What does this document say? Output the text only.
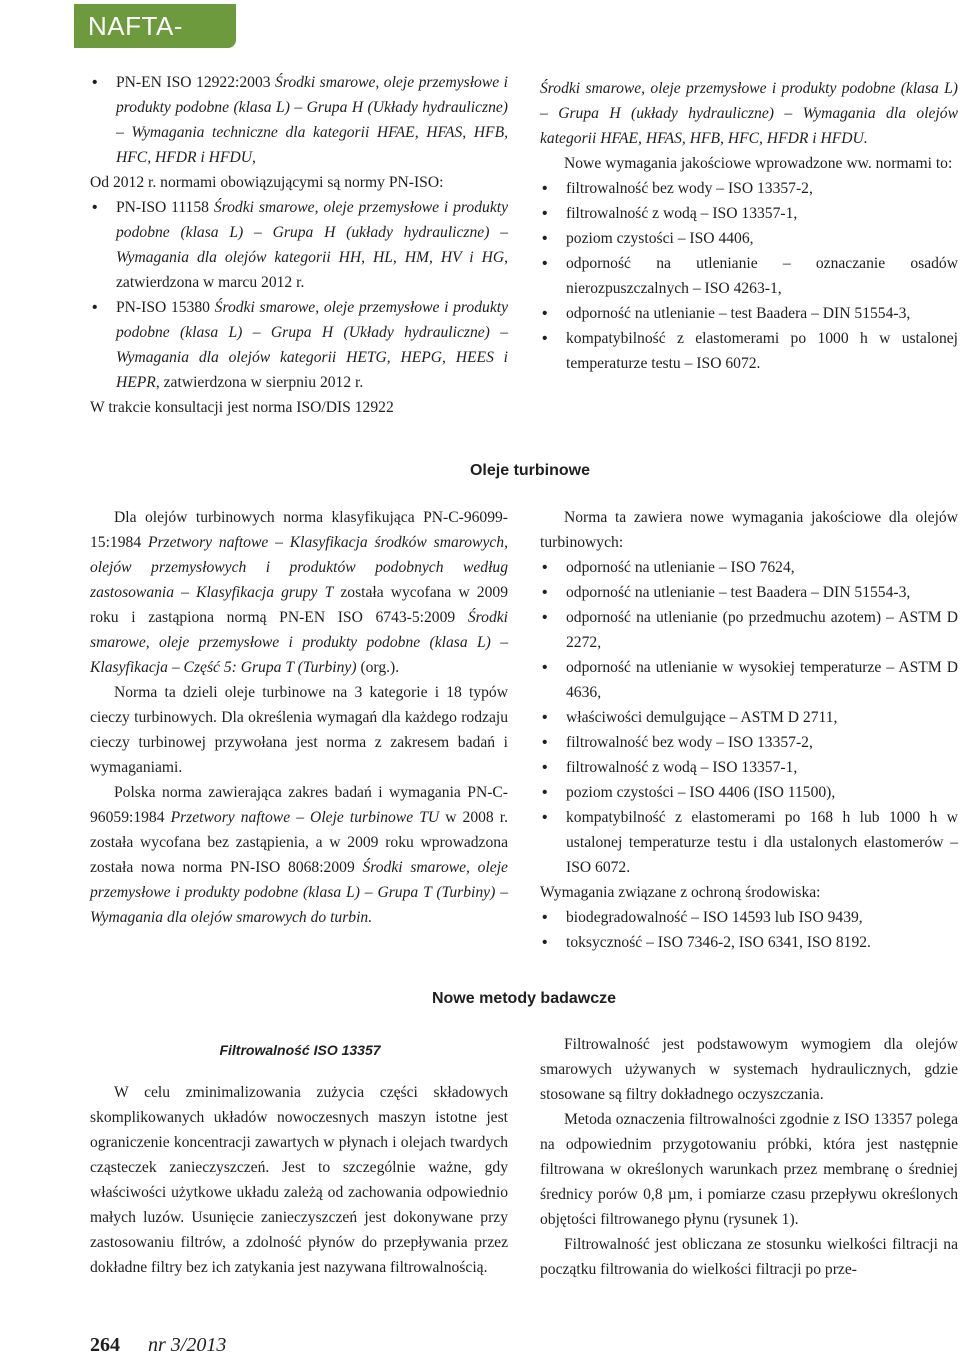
NAFTA-GAZ
• PN-EN ISO 12922:2003 Środki smarowe, oleje przemysłowe i produkty podobne (klasa L) – Grupa H (Układy hydrauliczne) – Wymagania techniczne dla kategorii HFAE, HFAS, HFB, HFC, HFDR i HFDU,

Od 2012 r. normami obowiązującymi są normy PN-ISO:

• PN-ISO 11158 Środki smarowe, oleje przemysłowe i produkty podobne (klasa L) – Grupa H (układy hydrauliczne) – Wymagania dla olejów kategorii HH, HL, HM, HV i HG, zatwierdzona w marcu 2012 r.
• PN-ISO 15380 Środki smarowe, oleje przemysłowe i produkty podobne (klasa L) – Grupa H (Układy hydrauliczne) – Wymagania dla olejów kategorii HETG, HEPG, HEES i HEPR, zatwierdzona w sierpniu 2012 r.

W trakcie konsultacji jest norma ISO/DIS 12922

Środki smarowe, oleje przemysłowe i produkty podobne (klasa L) – Grupa H (układy hydrauliczne) – Wymagania dla olejów kategorii HFAE, HFAS, HFB, HFC, HFDR i HFDU.

Nowe wymagania jakościowe wprowadzone ww. normami to:

• filtrowalność bez wody – ISO 13357-2,
• filtrowalność z wodą – ISO 13357-1,
• poziom czystości – ISO 4406,
• odporność na utlenianie – oznaczanie osadów nierozpuszczalnych – ISO 4263-1,
• odporność na utlenianie – test Baadera – DIN 51554-3,
• kompatybilność z elastomerami po 1000 h w ustalonej temperaturze testu – ISO 6072.
Oleje turbinowe

Dla olejów turbinowych norma klasyfikująca PN-C-96099-15:1984 Przetwory naftowe – Klasyfikacja środków smarowych, olejów przemysłowych i produktów podobnych według zastosowania – Klasyfikacja grupy T została wycofana w 2009 roku i zastąpiona normą PN-EN ISO 6743-5:2009 Środki smarowe, oleje przemysłowe i produkty podobne (klasa L) – Klasyfikacja – Część 5: Grupa T (Turbiny) (org.).

Norma ta dzieli oleje turbinowe na 3 kategorie i 18 typów cieczy turbinowych. Dla określenia wymagań dla każdego rodzaju cieczy turbinowej przywołana jest norma z zakresem badań i wymaganiami.

Polska norma zawierająca zakres badań i wymagania PN-C-96059:1984 Przetwory naftowe – Oleje turbinowe TU w 2008 r. została wycofana bez zastąpienia, a w 2009 roku wprowadzona została nowa norma PN-ISO 8068:2009 Środki smarowe, oleje przemysłowe i produkty podobne (klasa L) – Grupa T (Turbiny) – Wymagania dla olejów smarowych do turbin.

Norma ta zawiera nowe wymagania jakościowe dla olejów turbinowych:

• odporność na utlenianie – ISO 7624,
• odporność na utlenianie – test Baadera – DIN 51554-3,
• odporność na utlenianie (po przedmuchu azotem) – ASTM D 2272,
• odporność na utlenianie w wysokiej temperaturze – ASTM D 4636,
• właściwości demulgujące – ASTM D 2711,
• filtrowalność bez wody – ISO 13357-2,
• filtrowalność z wodą – ISO 13357-1,
• poziom czystości – ISO 4406 (ISO 11500),
• kompatybilność z elastomerami po 168 h lub 1000 h w ustalonej temperaturze testu i dla ustalonych elastomerów – ISO 6072.

Wymagania związane z ochroną środowiska:

• biodegradowalność – ISO 14593 lub ISO 9439,
• toksyczność – ISO 7346-2, ISO 6341, ISO 8192.
Nowe metody badawcze
Filtrowalność ISO 13357

W celu zminimalizowania zużycia części składowych skomplikowanych układów nowoczesnych maszyn istotne jest ograniczenie koncentracji zawartych w płynach i olejach twardych cząsteczek zanieczyszczeń. Jest to szczególnie ważne, gdy właściwości użytkowe układu zależą od zachowania odpowiednio małych luzów. Usunięcie zanieczyszczeń jest dokonywane przy zastosowaniu filtrów, a zdolność płynów do przepływania przez dokładne filtry bez ich zatykania jest nazywana filtrowalnością.

Filtrowalność jest podstawowym wymogiem dla olejów smarowych używanych w systemach hydraulicznych, gdzie stosowane są filtry dokładnego oczyszczania.

Metoda oznaczenia filtrowalności zgodnie z ISO 13357 polega na odpowiednim przygotowaniu próbki, która jest następnie filtrowana w określonych warunkach przez membranę o średniej średnicy porów 0,8 µm, i pomiarze czasu przepływu określonych objętości filtrowanego płynu (rysunek 1).

Filtrowalność jest obliczana ze stosunku wielkości filtracji na początku filtrowania do wielkości filtracji po prze-

264 nr 3/2013
